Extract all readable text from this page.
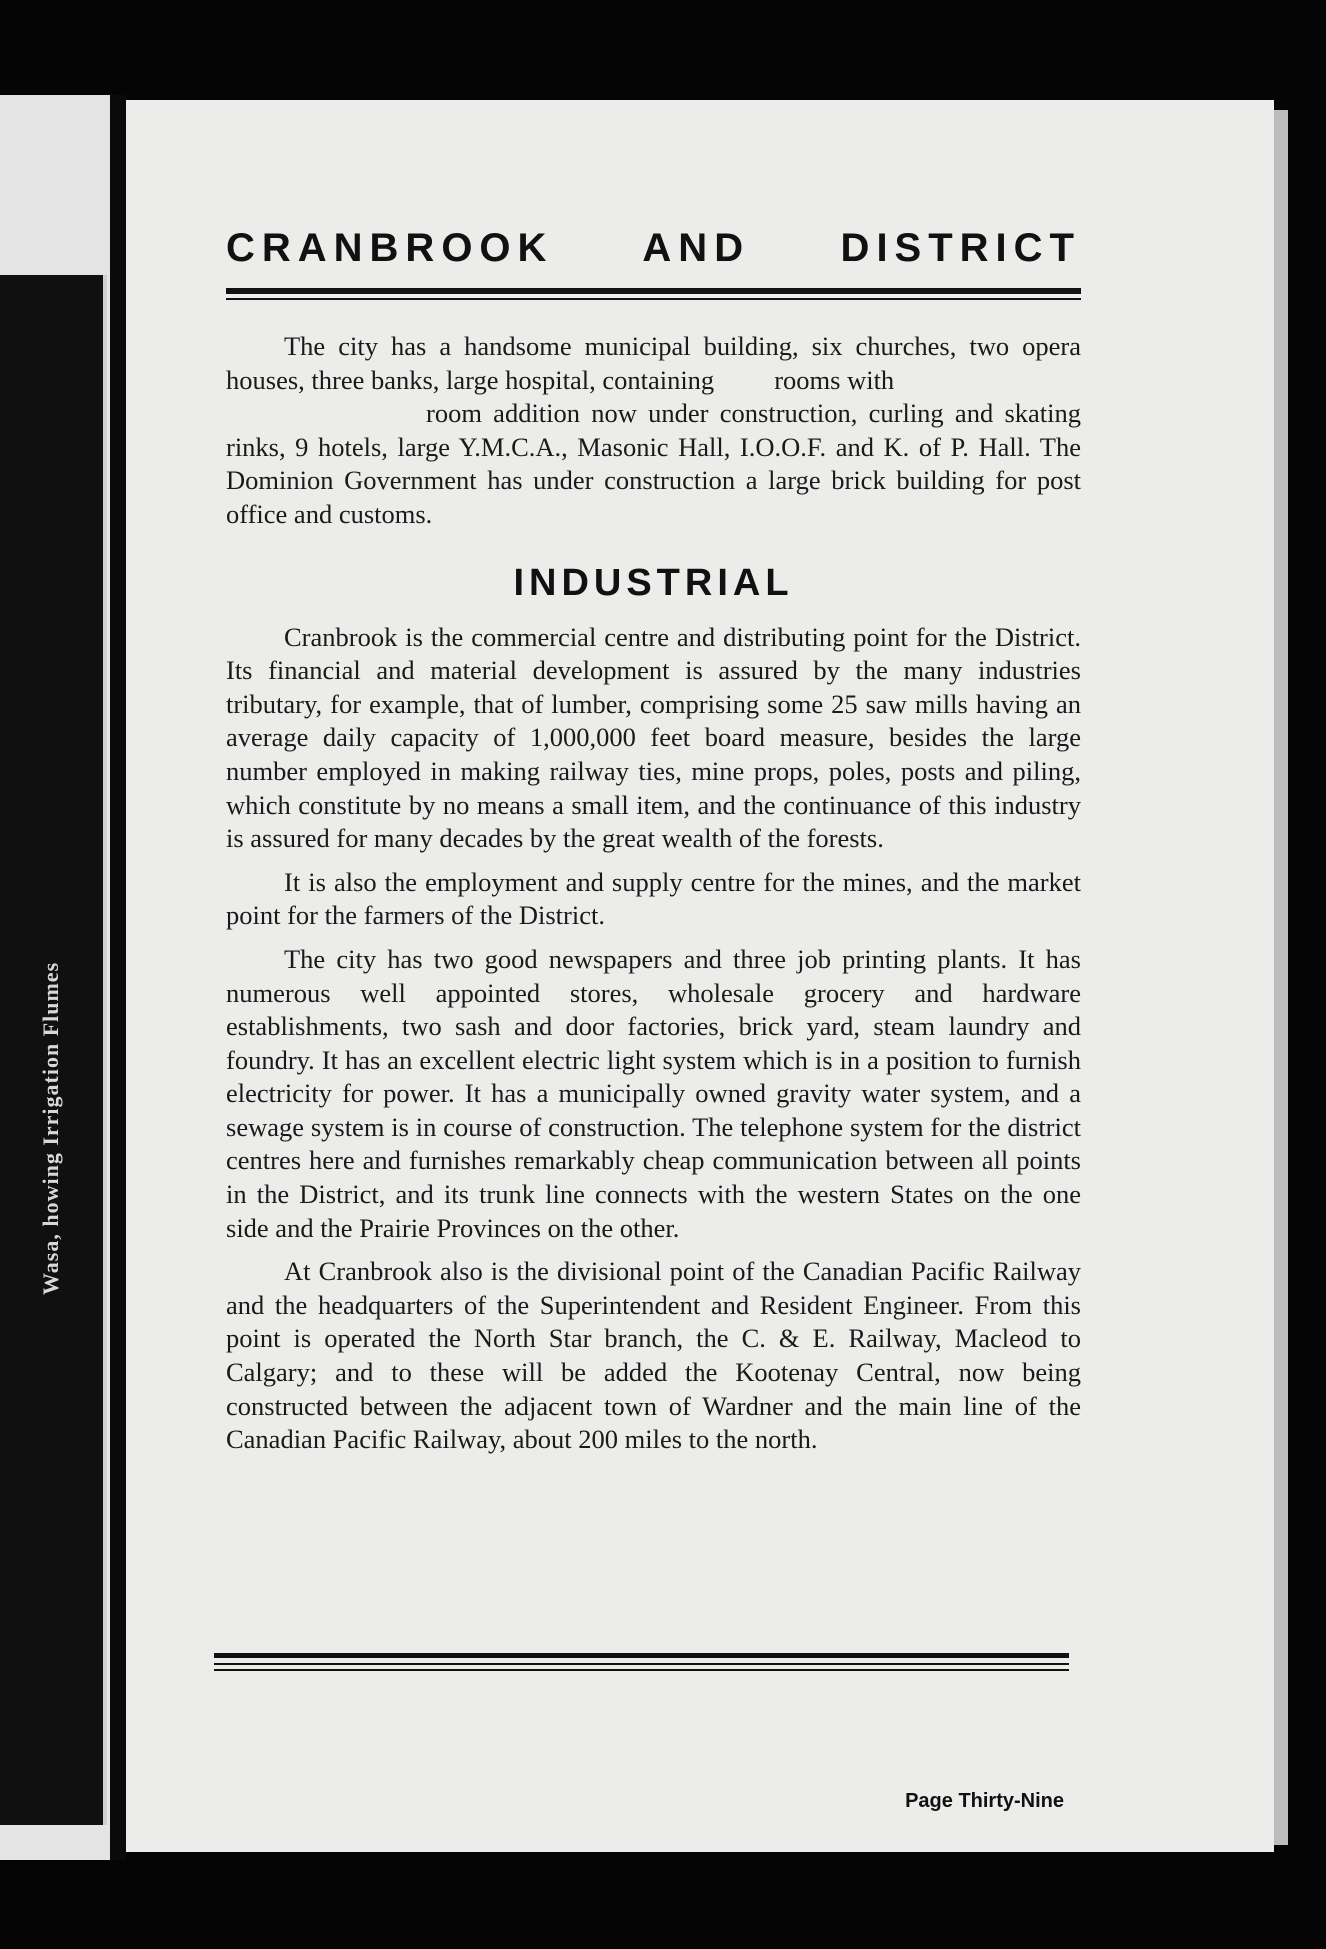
Wasa, howing Irrigation Flumes
CRANBROOK AND DISTRICT

The city has a handsome municipal building, six churches, two opera houses, three banks, large hospital, containing rooms with
room addition now under construction, curling and skating rinks, 9 hotels, large Y.M.C.A., Masonic Hall, I.O.O.F. and K. of P. Hall. The Dominion Government has under construction a large brick building for post office and customs.

INDUSTRIAL

Cranbrook is the commercial centre and distributing point for the District. Its financial and material development is assured by the many industries tributary, for example, that of lumber, comprising some 25 saw mills having an average daily capacity of 1,000,000 feet board measure, besides the large number employed in making railway ties, mine props, poles, posts and piling, which constitute by no means a small item, and the continuance of this industry is assured for many decades by the great wealth of the forests.

It is also the employment and supply centre for the mines, and the market point for the farmers of the District.

The city has two good newspapers and three job printing plants. It has numerous well appointed stores, wholesale grocery and hardware establishments, two sash and door factories, brick yard, steam laundry and foundry. It has an excellent electric light system which is in a position to furnish electricity for power. It has a municipally owned gravity water system, and a sewage system is in course of construction. The telephone system for the district centres here and furnishes remarkably cheap communication between all points in the District, and its trunk line connects with the western States on the one side and the Prairie Provinces on the other.

At Cranbrook also is the divisional point of the Canadian Pacific Railway and the headquarters of the Superintendent and Resident Engineer. From this point is operated the North Star branch, the C. & E. Railway, Macleod to Calgary; and to these will be added the Kootenay Central, now being constructed between the adjacent town of Wardner and the main line of the Canadian Pacific Railway, about 200 miles to the north.

Page Thirty-Nine
